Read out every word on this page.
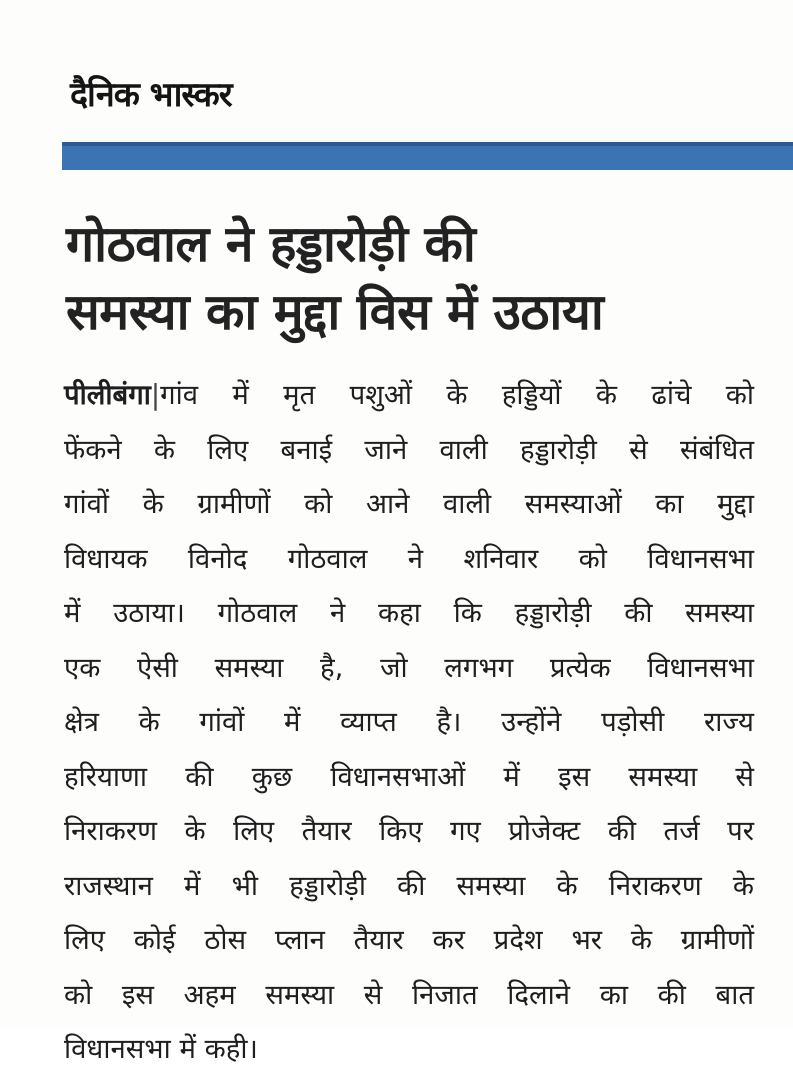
दैनिक भास्कर
गोठवाल ने हड्डारोड़ी की
समस्या का मुद्दा विस में उठाया
पीलीबंगा|गांव में मृत पशुओं के हड्डियों के ढांचे को
फेंकने के लिए बनाई जाने वाली हड्डारोड़ी से संबंधित
गांवों के ग्रामीणों को आने वाली समस्याओं का मुद्दा
विधायक विनोद गोठवाल ने शनिवार को विधानसभा
में उठाया। गोठवाल ने कहा कि हड्डारोड़ी की समस्या
एक ऐसी समस्या है, जो लगभग प्रत्येक विधानसभा
क्षेत्र के गांवों में व्याप्त है। उन्होंने पड़ोसी राज्य
हरियाणा की कुछ विधानसभाओं में इस समस्या से
निराकरण के लिए तैयार किए गए प्रोजेक्ट की तर्ज पर
राजस्थान में भी हड्डारोड़ी की समस्या के निराकरण के
लिए कोई ठोस प्लान तैयार कर प्रदेश भर के ग्रामीणों
को इस अहम समस्या से निजात दिलाने का की बात
विधानसभा में कही।
